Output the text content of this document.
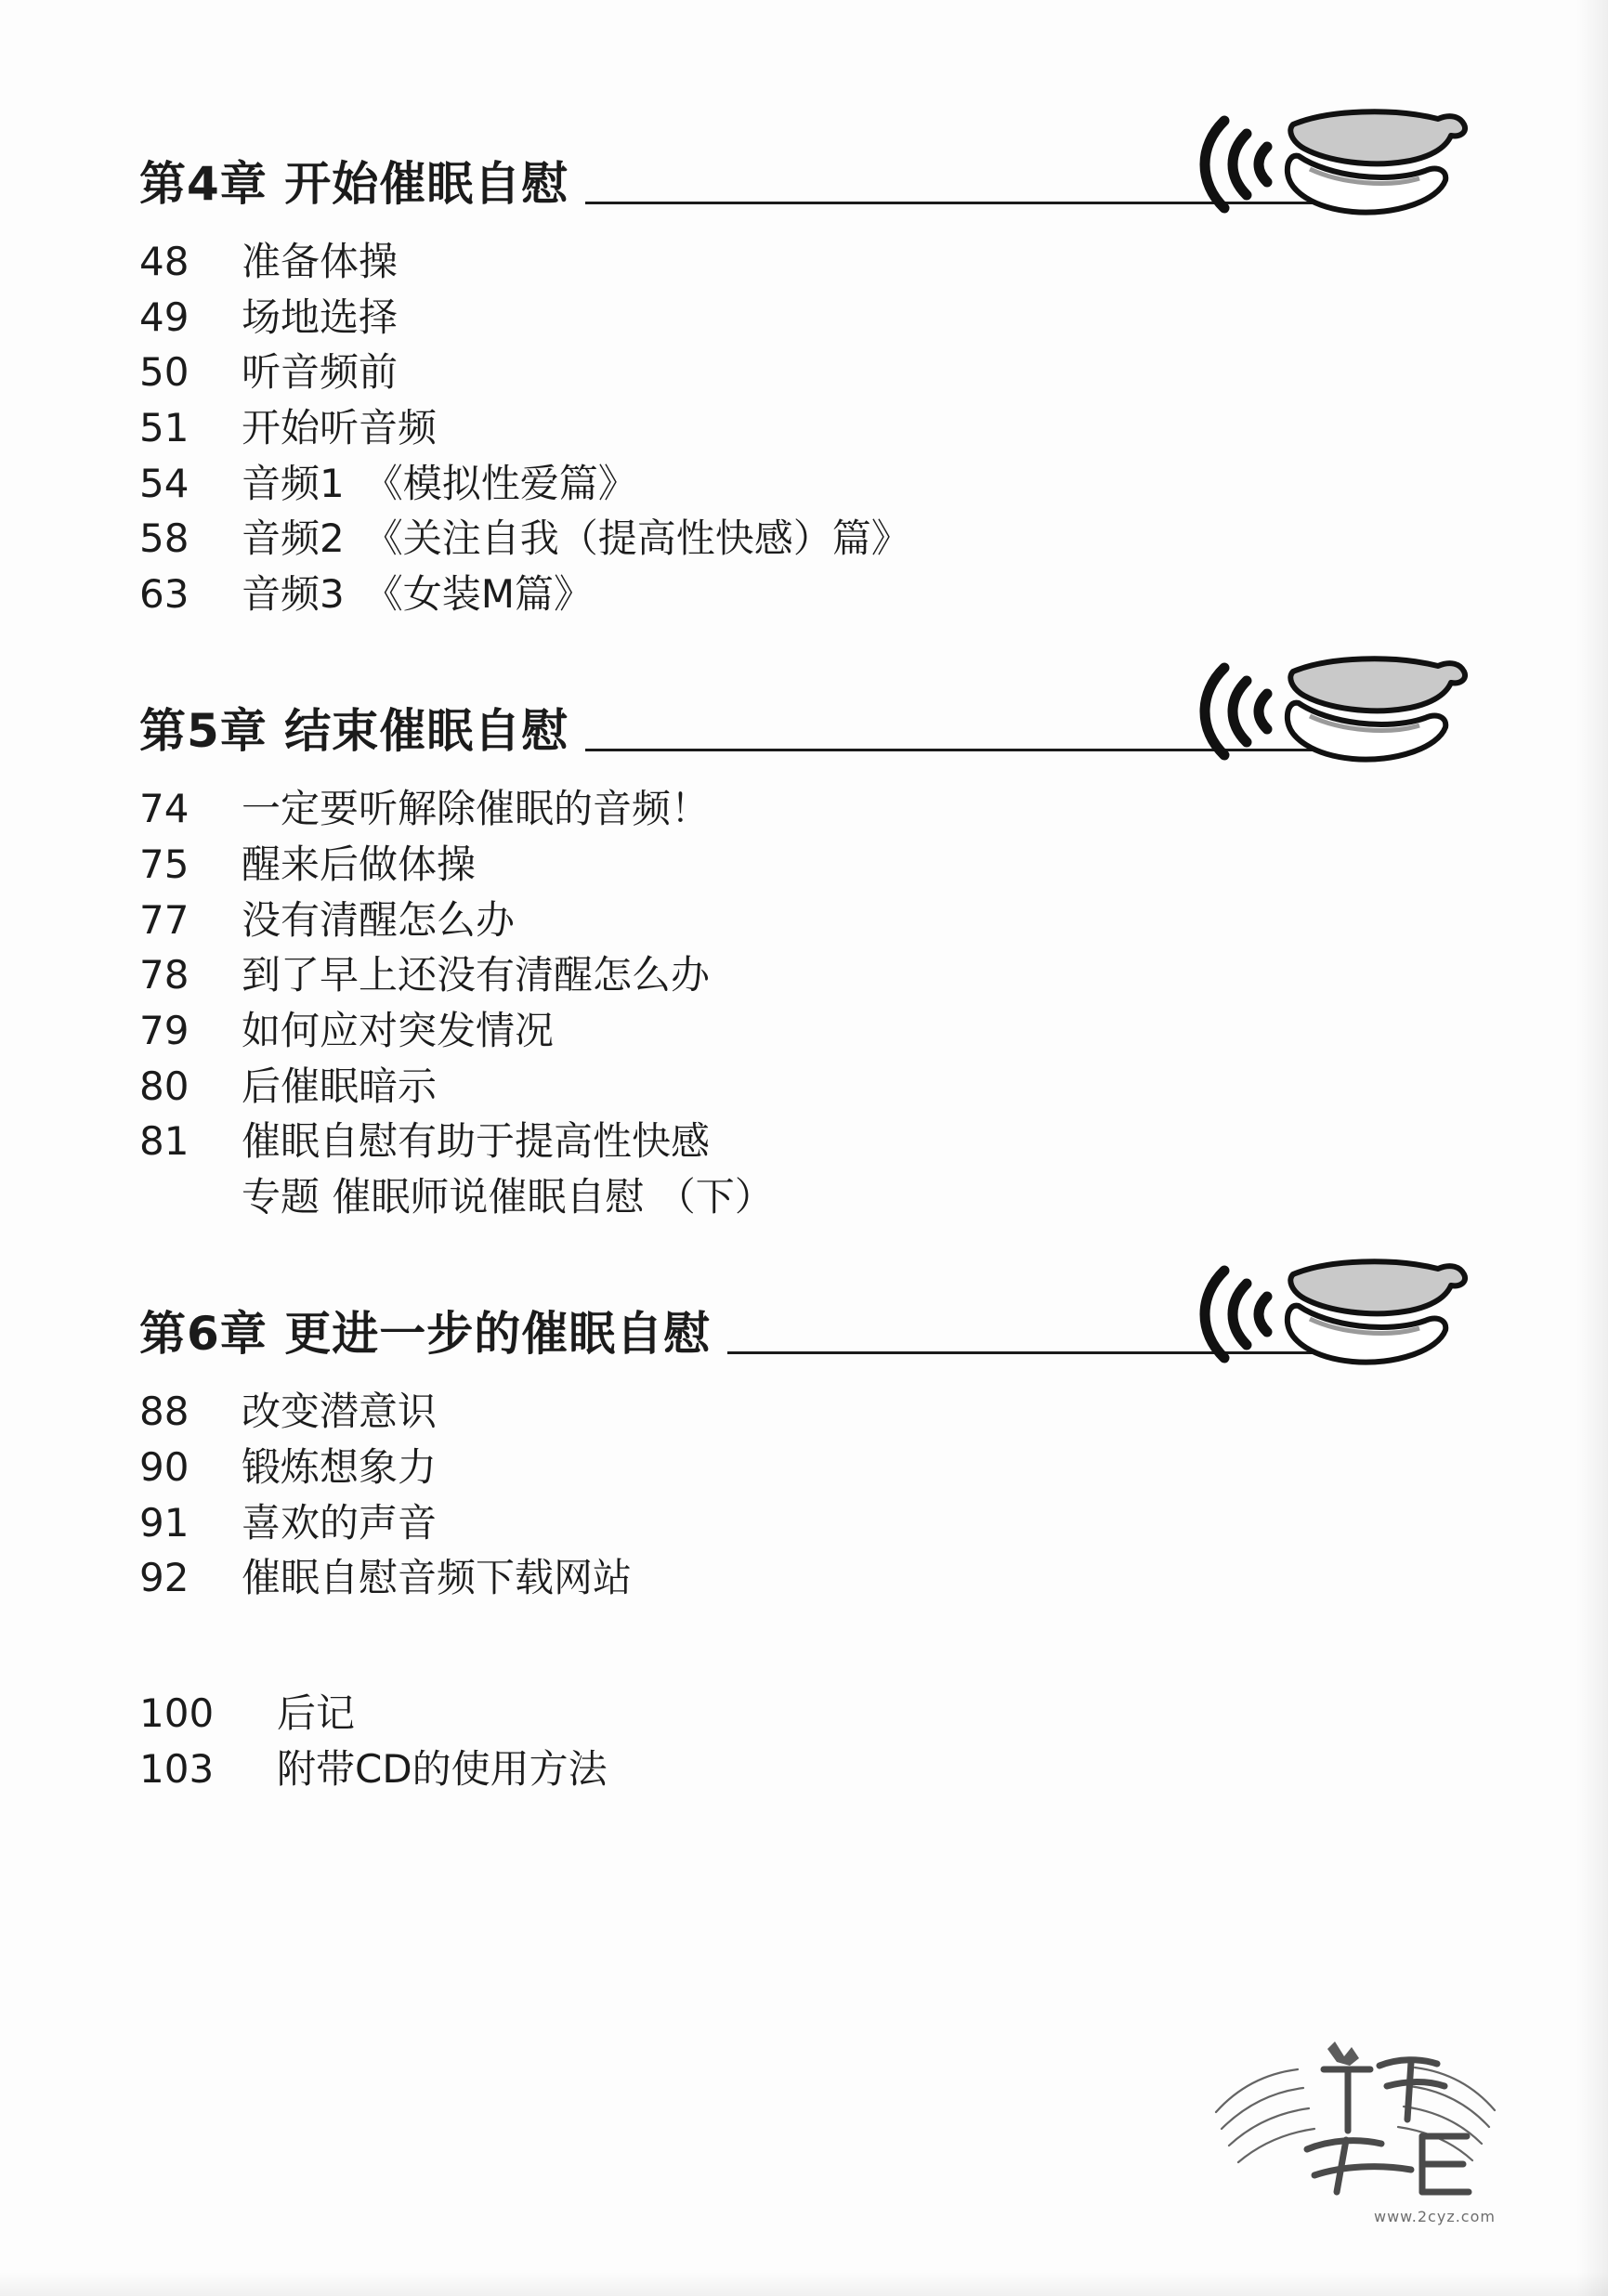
第4章 开始催眠自慰
48	准备体操
49	场地选择
50	听音频前
51	开始听音频
54	音频1　《模拟性爱篇》
58	音频2　《关注自我（提高性快感）篇》
63	音频3　《女装M篇》
第5章 结束催眠自慰
74	一定要听解除催眠的音频！
75	醒来后做体操
77	没有清醒怎么办
78	到了早上还没有清醒怎么办
79	如何应对突发情况
80	后催眠暗示
81	催眠自慰有助于提高性快感
专题 催眠师说催眠自慰 （下）
第6章 更进一步的催眠自慰
88	改变潜意识
90	锻炼想象力
91	喜欢的声音
92	催眠自慰音频下载网站
100	后记
103	附带CD的使用方法
www.2cyz.com
